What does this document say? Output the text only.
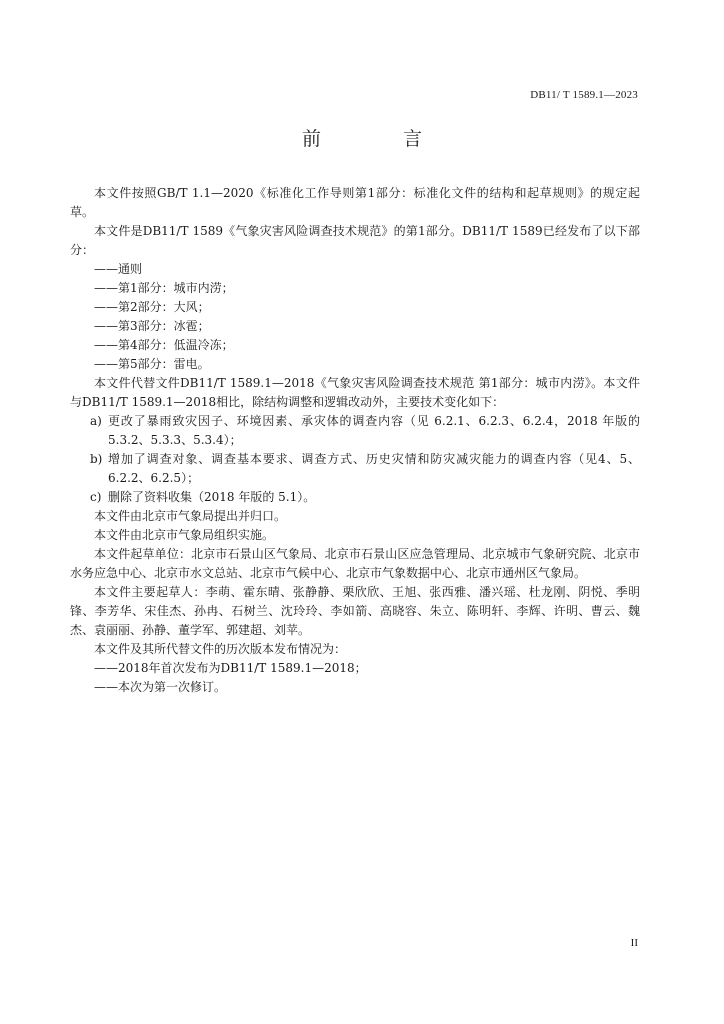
DB11/ T 1589.1—2023
前 言

本文件按照GB/T 1.1—2020《标准化工作导则第1部分：标准化文件的结构和起草规则》的规定起草。

本文件是DB11/T 1589《气象灾害风险调查技术规范》的第1部分。DB11/T 1589已经发布了以下部分：

——通则

——第1部分：城市内涝；

——第2部分：大风；

——第3部分：冰雹；

——第4部分：低温冷冻；

——第5部分：雷电。

本文件代替文件DB11/T 1589.1—2018《气象灾害风险调查技术规范 第1部分：城市内涝》。本文件与DB11/T 1589.1—2018相比，除结构调整和逻辑改动外，主要技术变化如下：

a) 更改了暴雨致灾因子、环境因素、承灾体的调查内容（见 6.2.1、6.2.3、6.2.4，2018 年版的 5.3.2、5.3.3、5.3.4）；

b) 增加了调查对象、调查基本要求、调查方式、历史灾情和防灾减灾能力的调查内容（见4、5、6.2.2、6.2.5）；

c) 删除了资料收集（2018 年版的 5.1）。

本文件由北京市气象局提出并归口。

本文件由北京市气象局组织实施。

本文件起草单位：北京市石景山区气象局、北京市石景山区应急管理局、北京城市气象研究院、北京市水务应急中心、北京市水文总站、北京市气候中心、北京市气象数据中心、北京市通州区气象局。

本文件主要起草人：李萌、霍东晴、张静静、栗欣欣、王旭、张西雅、潘兴瑶、杜龙刚、阴悦、季明锋、李芳华、宋佳杰、孙冉、石树兰、沈玲玲、李如箭、高晓容、朱立、陈明轩、李辉、许明、曹云、魏杰、袁丽丽、孙静、董学军、郭建超、刘苹。

本文件及其所代替文件的历次版本发布情况为：

——2018年首次发布为DB11/T 1589.1—2018；

——本次为第一次修订。

II
